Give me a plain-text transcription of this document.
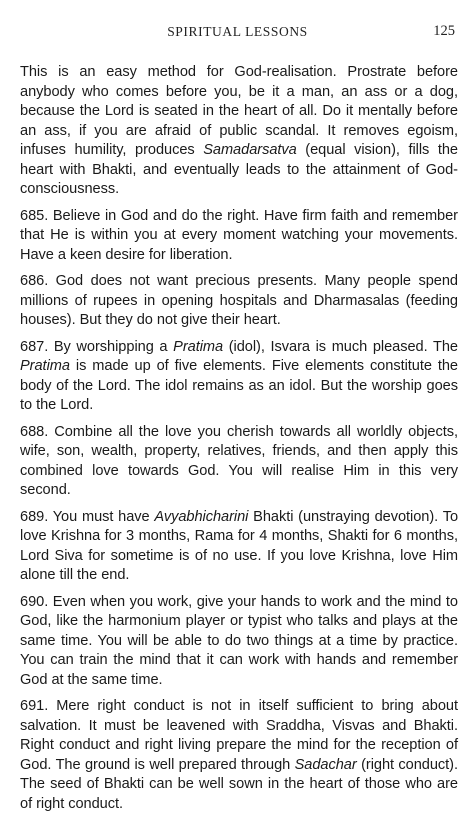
SPIRITUAL LESSONS	125

This is an easy method for God-realisation. Prostrate before anybody who comes before you, be it a man, an ass or a dog, because the Lord is seated in the heart of all. Do it mentally before an ass, if you are afraid of public scandal. It removes egoism, infuses humility, produces Samadarsatva (equal vision), fills the heart with Bhakti, and eventually leads to the attainment of God-consciousness.

685. Believe in God and do the right. Have firm faith and remember that He is within you at every moment watching your movements. Have a keen desire for liberation.

686. God does not want precious presents. Many people spend millions of rupees in opening hospitals and Dharmasalas (feeding houses). But they do not give their heart.

687. By worshipping a Pratima (idol), Isvara is much pleased. The Pratima is made up of five elements. Five elements constitute the body of the Lord. The idol remains as an idol. But the worship goes to the Lord.

688. Combine all the love you cherish towards all worldly objects, wife, son, wealth, property, relatives, friends, and then apply this combined love towards God. You will realise Him in this very second.

689. You must have Avyabhicharini Bhakti (unstraying devotion). To love Krishna for 3 months, Rama for 4 months, Shakti for 6 months, Lord Siva for sometime is of no use. If you love Krishna, love Him alone till the end.

690. Even when you work, give your hands to work and the mind to God, like the harmonium player or typist who talks and plays at the same time. You will be able to do two things at a time by practice. You can train the mind that it can work with hands and remember God at the same time.

691. Mere right conduct is not in itself sufficient to bring about salvation. It must be leavened with Sraddha, Visvas and Bhakti. Right conduct and right living prepare the mind for the reception of God. The ground is well prepared through Sadachar (right conduct). The seed of Bhakti can be well sown in the heart of those who are of right conduct.
